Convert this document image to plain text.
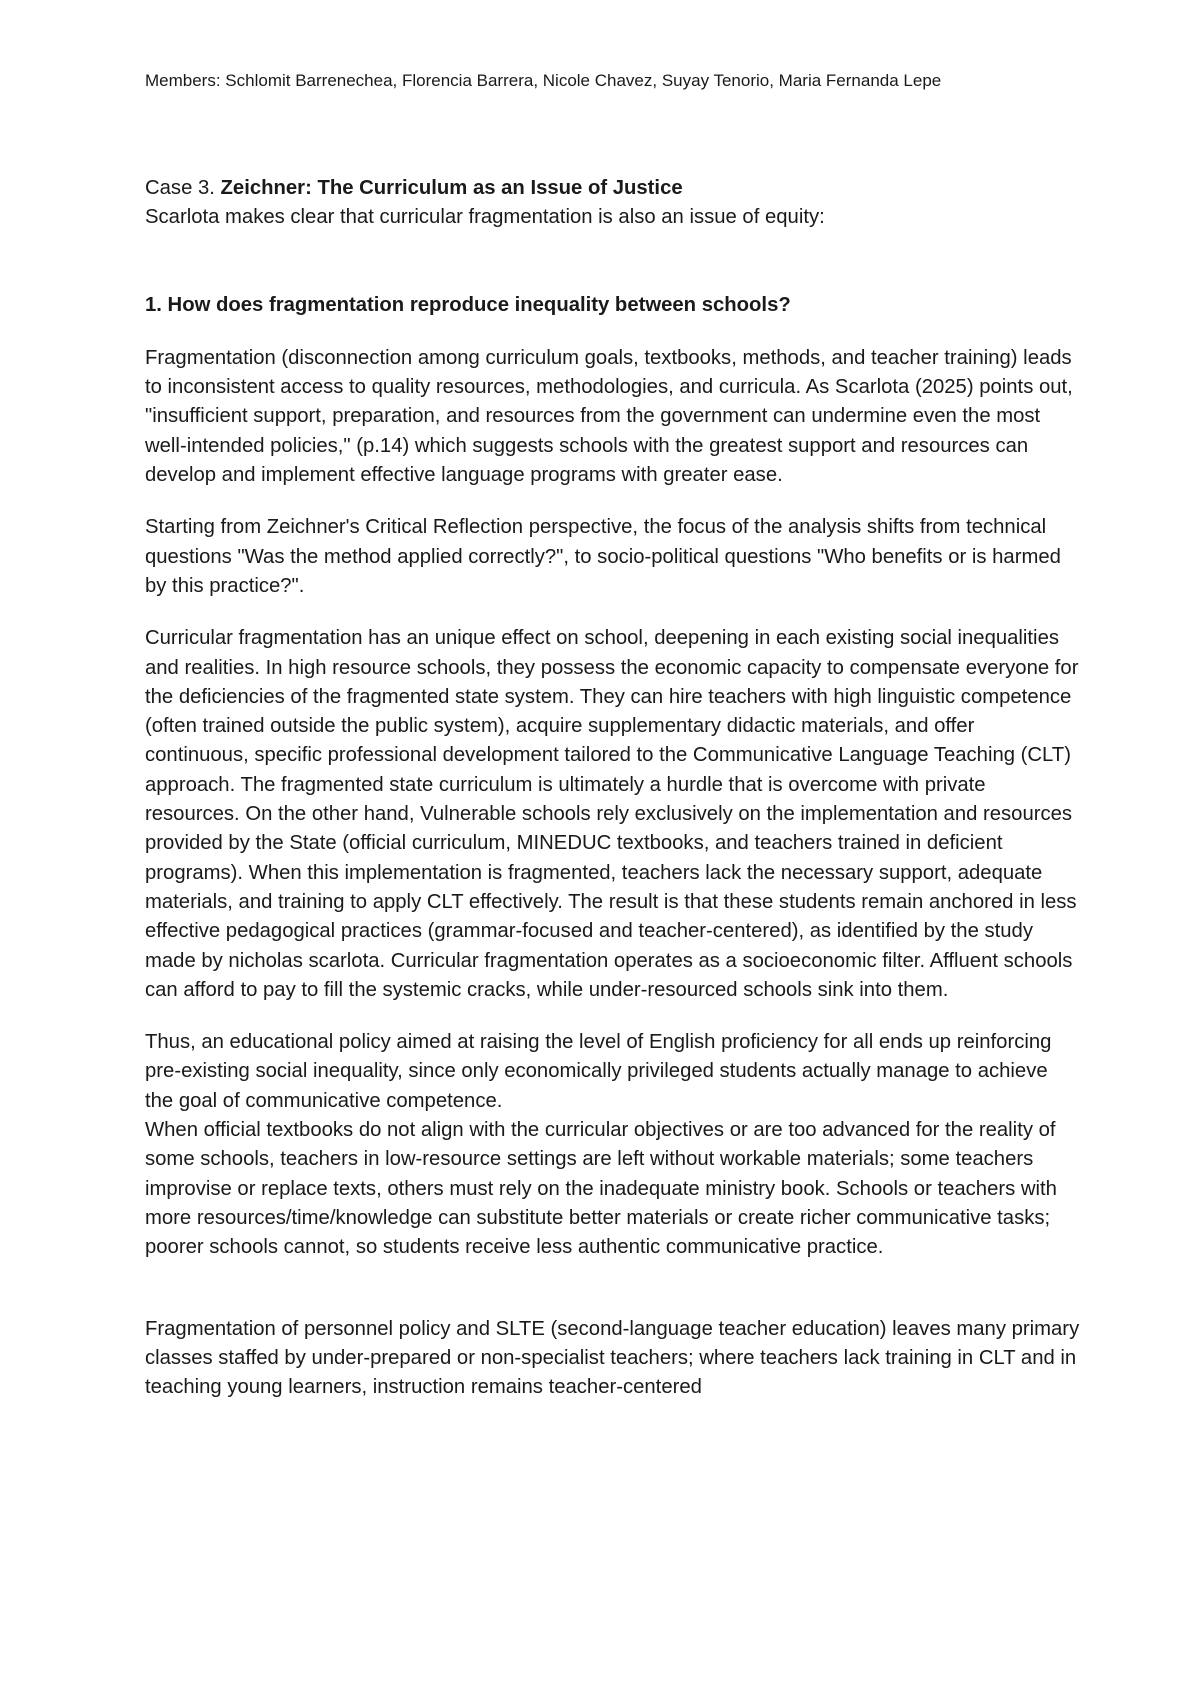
Members: Schlomit Barrenechea, Florencia Barrera, Nicole Chavez, Suyay Tenorio, Maria Fernanda Lepe

Case 3. Zeichner: The Curriculum as an Issue of Justice

Scarlota makes clear that curricular fragmentation is also an issue of equity:

1. How does fragmentation reproduce inequality between schools?

Fragmentation (disconnection among curriculum goals, textbooks, methods, and teacher training) leads to inconsistent access to quality resources, methodologies, and curricula. As Scarlota (2025) points out, "insufficient support, preparation, and resources from the government can undermine even the most well-intended policies," (p.14) which suggests schools with the greatest support and resources can develop and implement effective language programs with greater ease.

Starting from Zeichner's Critical Reflection perspective, the focus of the analysis shifts from technical questions "Was the method applied correctly?", to socio-political questions "Who benefits or is harmed by this practice?".

Curricular fragmentation has an unique effect on school, deepening in each existing social inequalities and realities. In high resource schools, they possess the economic capacity to compensate everyone for the deficiencies of the fragmented state system. They can hire teachers with high linguistic competence (often trained outside the public system), acquire supplementary didactic materials, and offer continuous, specific professional development tailored to the Communicative Language Teaching (CLT) approach. The fragmented state curriculum is ultimately a hurdle that is overcome with private resources. On the other hand, Vulnerable schools rely exclusively on the implementation and resources provided by the State (official curriculum, MINEDUC textbooks, and teachers trained in deficient programs). When this implementation is fragmented, teachers lack the necessary support, adequate materials, and training to apply CLT effectively. The result is that these students remain anchored in less effective pedagogical practices (grammar-focused and teacher-centered), as identified by the study made by nicholas scarlota. Curricular fragmentation operates as a socioeconomic filter. Affluent schools can afford to pay to fill the systemic cracks, while under-resourced schools sink into them.

Thus, an educational policy aimed at raising the level of English proficiency for all ends up reinforcing pre-existing social inequality, since only economically privileged students actually manage to achieve the goal of communicative competence.

When official textbooks do not align with the curricular objectives or are too advanced for the reality of some schools, teachers in low-resource settings are left without workable materials; some teachers improvise or replace texts, others must rely on the inadequate ministry book. Schools or teachers with more resources/time/knowledge can substitute better materials or create richer communicative tasks; poorer schools cannot, so students receive less authentic communicative practice.

Fragmentation of personnel policy and SLTE (second-language teacher education) leaves many primary classes staffed by under-prepared or non-specialist teachers; where teachers lack training in CLT and in teaching young learners, instruction remains teacher-centered
